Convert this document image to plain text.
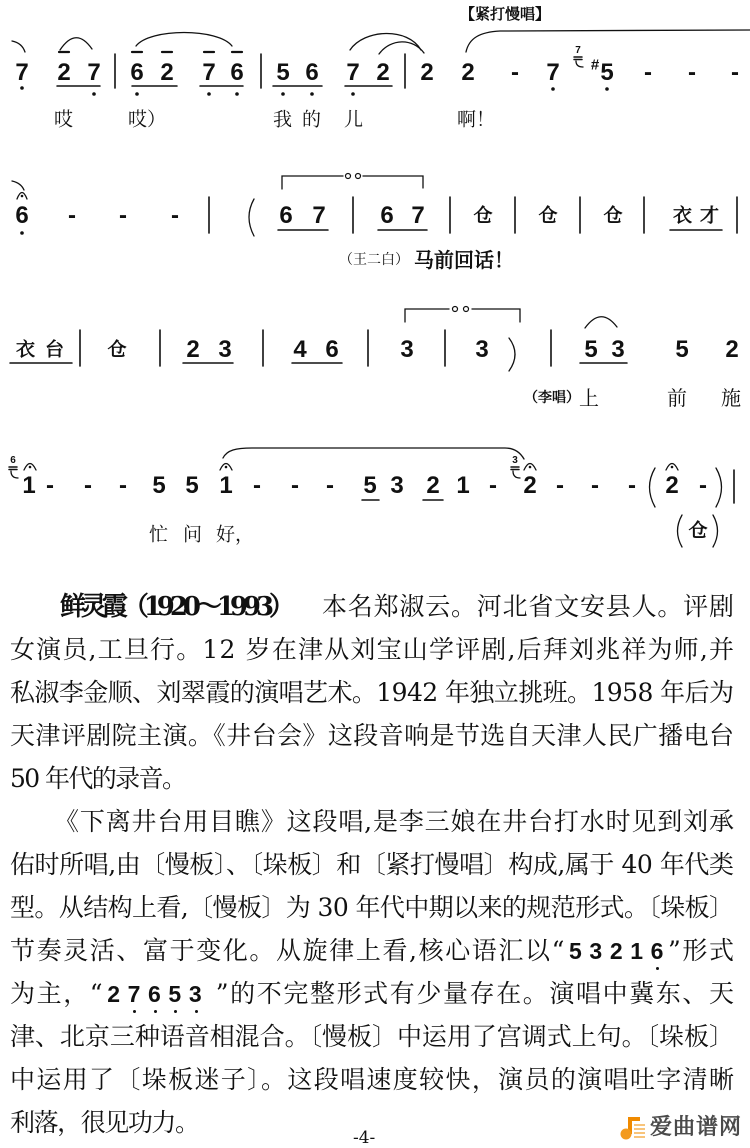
【紧打慢唱】
7 2 7 6 2 7 6 5 6 7 2 2 2 - 7
7
# 5 - - -
哎	哎）	我 的 儿	啊！
6 - - -	6 7 6 7	仓 仓 仓	衣才
（王二白） 马前回话！
衣台 仓 2 3	4 6	3	3	5 3 5 2
（李唱） 上	前 施
6
1 - - - 5 5 1 - - - 5 3 2 1 -
3
2 - - - 2 -
忙 问 好，	仓
鲜灵霞（1920～1993） 本名郑淑云。河北省文安县人。评剧
女演员,工旦行。12 岁在津从刘宝山学评剧,后拜刘兆祥为师,并
私淑李金顺、刘翠霞的演唱艺术。1942 年独立挑班。1958 年后为
天津评剧院主演。《井台会》这段音响是节选自天津人民广播电台
50 年代的录音。
《下离井台用目瞧》这段唱,是李三娘在井台打水时见到刘承
佑时所唱,由〔慢板〕、〔垛板〕和〔紧打慢唱〕构成,属于 40 年代类
型。从结构上看,〔慢板〕为 30 年代中期以来的规范形式。〔垛板〕
节奏灵活、富于变化。从旋律上看,核心语汇以“ 5 3 2 1 6 ”形式
为主，“ 2 7 6 5 3 ”的不完整形式有少量存在。演唱中冀东、天
津、北京三种语音相混合。〔慢板〕中运用了宫调式上句。〔垛板〕
中运用了〔垛板迷子〕。这段唱速度较快，演员的演唱吐字清晰
利落，很见功力。
-4-	爱曲谱网
